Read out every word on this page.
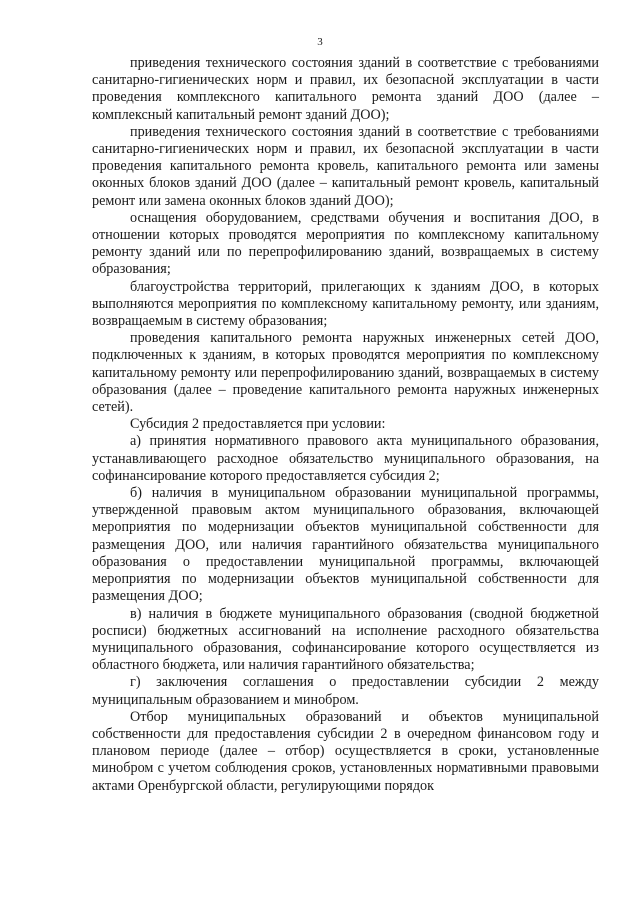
3

приведения технического состояния зданий в соответствие с требованиями санитарно-гигиенических норм и правил, их безопасной эксплуатации в части проведения комплексного капитального ремонта зданий ДОО (далее – комплексный капитальный ремонт зданий ДОО);

приведения технического состояния зданий в соответствие с требованиями санитарно-гигиенических норм и правил, их безопасной эксплуатации в части проведения капитального ремонта кровель, капитального ремонта или замены оконных блоков зданий ДОО (далее – капитальный ремонт кровель, капитальный ремонт или замена оконных блоков зданий ДОО);

оснащения оборудованием, средствами обучения и воспитания ДОО, в отношении которых проводятся мероприятия по комплексному капитальному ремонту зданий или по перепрофилированию зданий, возвращаемых в систему образования;

благоустройства территорий, прилегающих к зданиям ДОО, в которых выполняются мероприятия по комплексному капитальному ремонту, или зданиям, возвращаемым в систему образования;

проведения капитального ремонта наружных инженерных сетей ДОО, подключенных к зданиям, в которых проводятся мероприятия по комплексному капитальному ремонту или перепрофилированию зданий, возвращаемых в систему образования (далее – проведение капитального ремонта наружных инженерных сетей).

Субсидия 2 предоставляется при условии:

а) принятия нормативного правового акта муниципального образования, устанавливающего расходное обязательство муниципального образования, на софинансирование которого предоставляется субсидия 2;

б) наличия в муниципальном образовании муниципальной программы, утвержденной правовым актом муниципального образования, включающей мероприятия по модернизации объектов муниципальной собственности для размещения ДОО, или наличия гарантийного обязательства муниципального образования о предоставлении муниципальной программы, включающей мероприятия по модернизации объектов муниципальной собственности для размещения ДОО;

в) наличия в бюджете муниципального образования (сводной бюджетной росписи) бюджетных ассигнований на исполнение расходного обязательства муниципального образования, софинансирование которого осуществляется из областного бюджета, или наличия гарантийного обязательства;

г) заключения соглашения о предоставлении субсидии 2 между муниципальным образованием и минобром.

Отбор муниципальных образований и объектов муниципальной собственности для предоставления субсидии 2 в очередном финансовом году и плановом периоде (далее – отбор) осуществляется в сроки, установленные минобром с учетом соблюдения сроков, установленных нормативными правовыми актами Оренбургской области, регулирующими порядок
